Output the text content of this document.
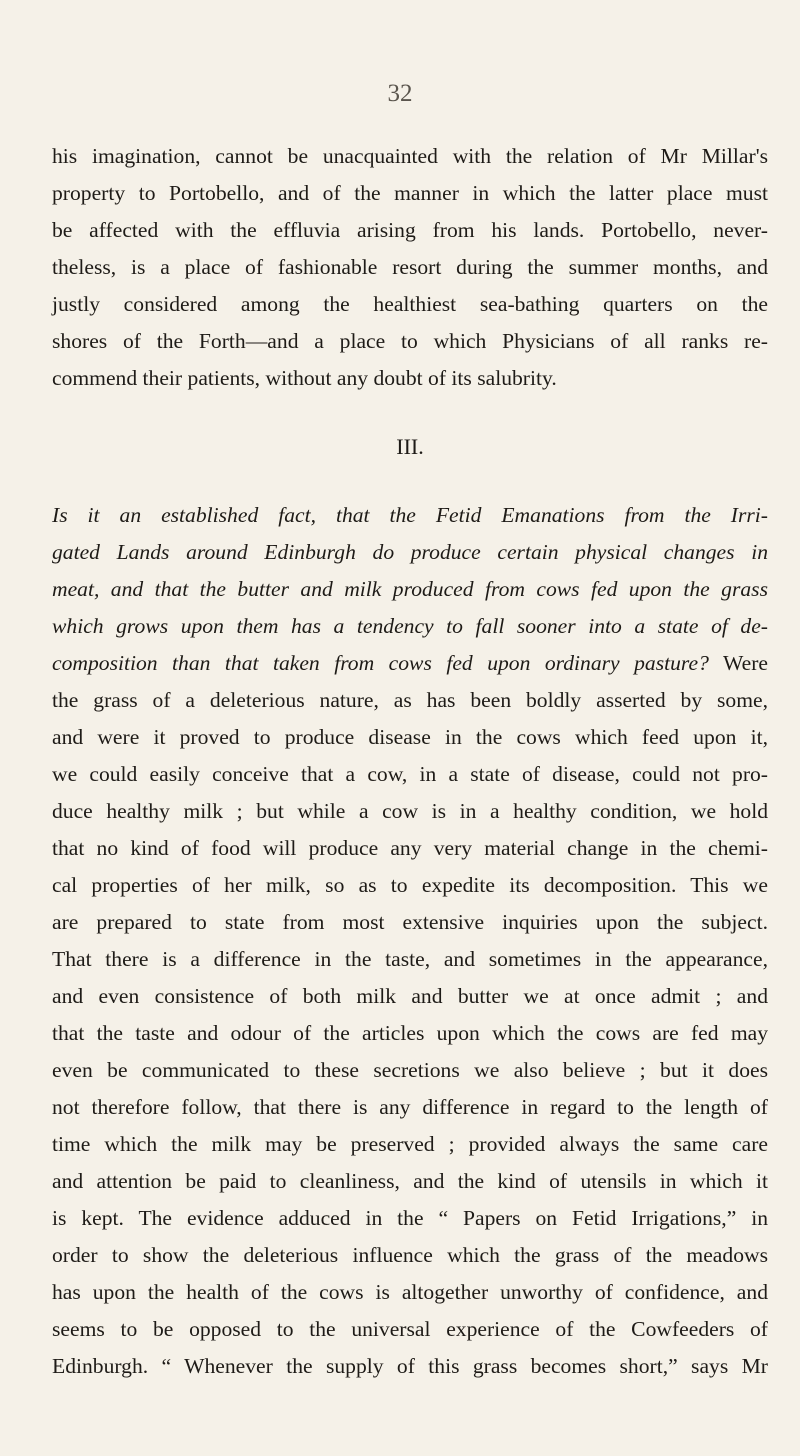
32
his imagination, cannot be unacquainted with the relation of Mr Millar's
property to Portobello, and of the manner in which the latter place must
be affected with the effluvia arising from his lands. Portobello, never-
theless, is a place of fashionable resort during the summer months, and
justly considered among the healthiest sea-bathing quarters on the
shores of the Forth—and a place to which Physicians of all ranks re-
commend their patients, without any doubt of its salubrity.
III.
Is it an established fact, that the Fetid Emanations from the Irri-
gated Lands around Edinburgh do produce certain physical changes in
meat, and that the butter and milk produced from cows fed upon the grass
which grows upon them has a tendency to fall sooner into a state of de-
composition than that taken from cows fed upon ordinary pasture? Were
the grass of a deleterious nature, as has been boldly asserted by some,
and were it proved to produce disease in the cows which feed upon it,
we could easily conceive that a cow, in a state of disease, could not pro-
duce healthy milk ; but while a cow is in a healthy condition, we hold
that no kind of food will produce any very material change in the chemi-
cal properties of her milk, so as to expedite its decomposition. This we
are prepared to state from most extensive inquiries upon the subject.
That there is a difference in the taste, and sometimes in the appearance,
and even consistence of both milk and butter we at once admit ; and
that the taste and odour of the articles upon which the cows are fed may
even be communicated to these secretions we also believe ; but it does
not therefore follow, that there is any difference in regard to the length of
time which the milk may be preserved ; provided always the same care
and attention be paid to cleanliness, and the kind of utensils in which it
is kept. The evidence adduced in the “ Papers on Fetid Irrigations,” in
order to show the deleterious influence which the grass of the meadows
has upon the health of the cows is altogether unworthy of confidence, and
seems to be opposed to the universal experience of the Cowfeeders of
Edinburgh. “ Whenever the supply of this grass becomes short,” says Mr
